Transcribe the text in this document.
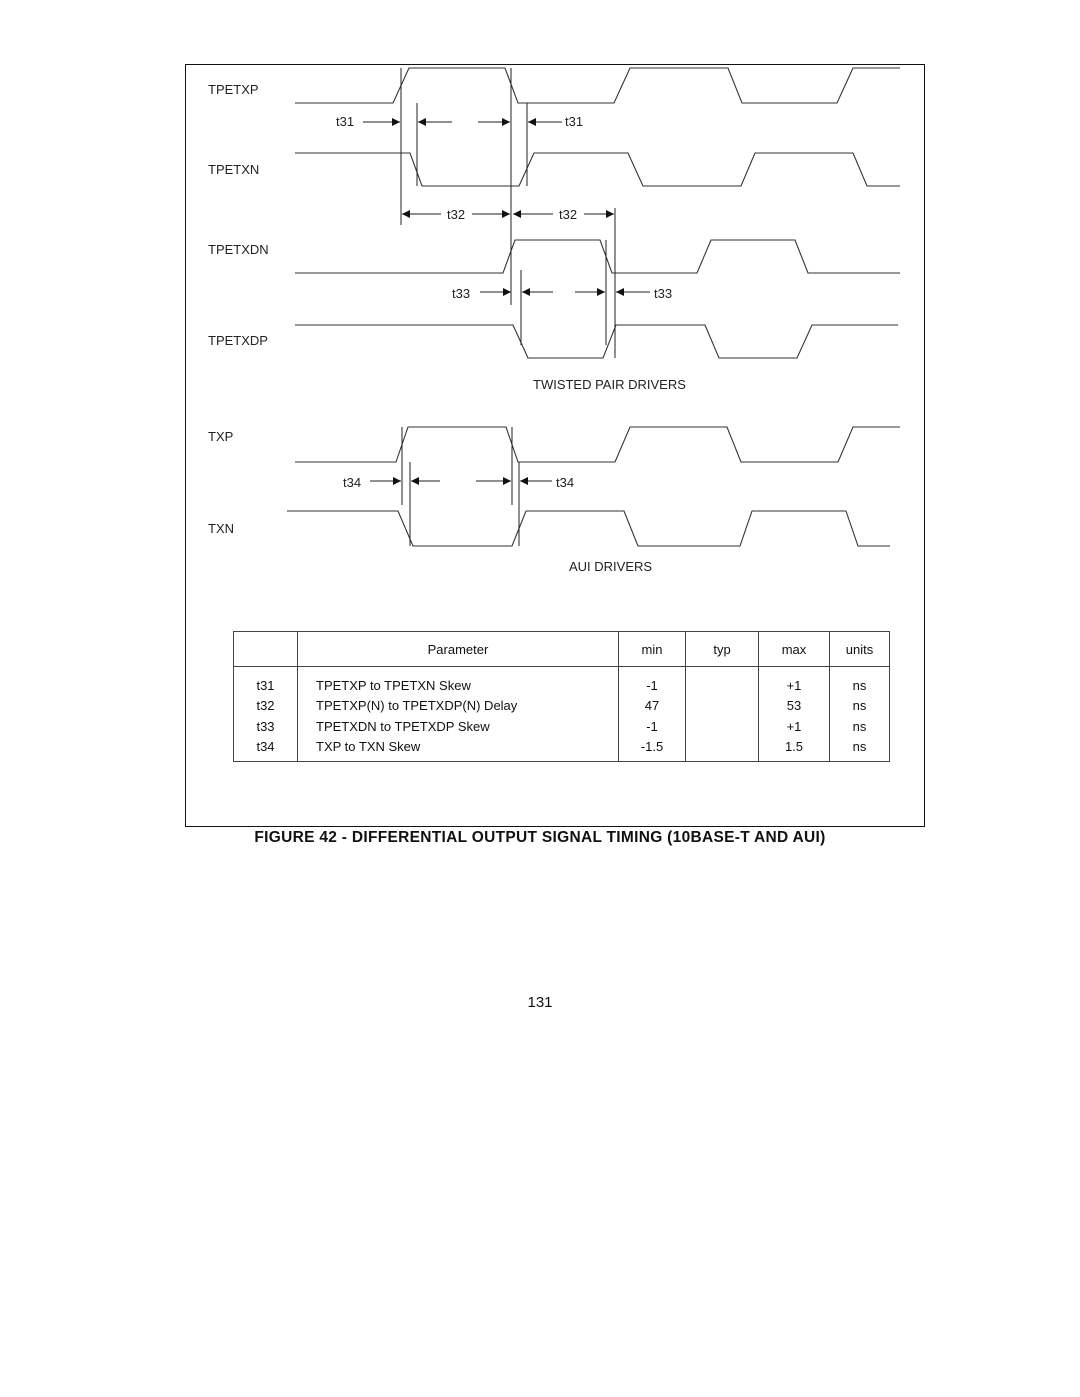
TPETXP
TPETXN
TPETXDN
TPETXDP
TXP
TXN
t31	t31
t32	t32
t33	t33
t34	t34
TWISTED PAIR DRIVERS
AUI DRIVERS
	Parameter	min	typ	max	units
t31	TPETXP to TPETXN Skew	-1		+1	ns
t32	TPETXP(N) to TPETXDP(N) Delay	47		53	ns
t33	TPETXDN to TPETXDP Skew	-1		+1	ns
t34	TXP to TXN Skew	-1.5		1.5	ns
FIGURE 42 - DIFFERENTIAL OUTPUT SIGNAL TIMING (10BASE-T AND AUI)
131
